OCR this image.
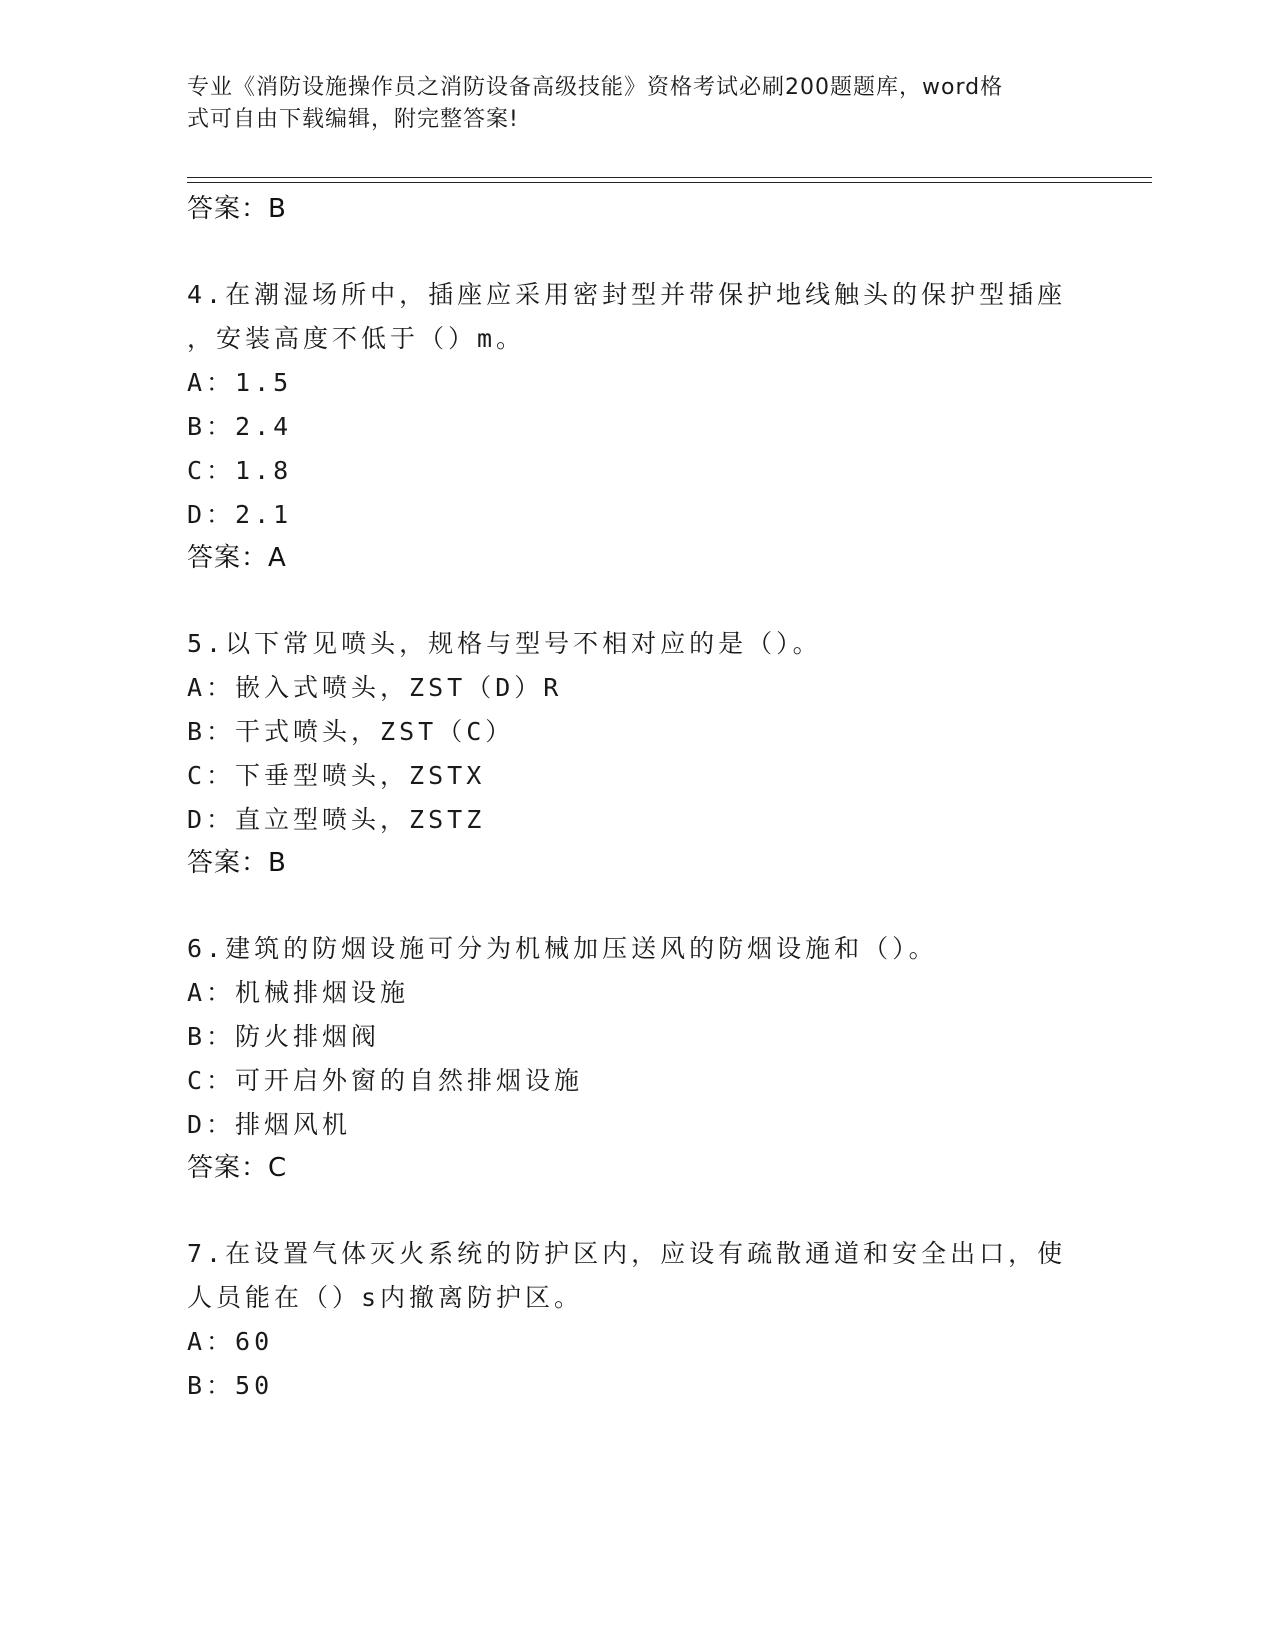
专业《消防设施操作员之消防设备高级技能》资格考试必刷200题题库，word格
式可自由下载编辑，附完整答案!
答案：B
4.在潮湿场所中，插座应采用密封型并带保护地线触头的保护型插座
，安装高度不低于（）m。
A：1.5
B：2.4
C：1.8
D：2.1
答案：A
5.以下常见喷头，规格与型号不相对应的是（）。
A：嵌入式喷头，ZST（D）R
B：干式喷头，ZST（C）
C：下垂型喷头，ZSTX
D：直立型喷头，ZSTZ
答案：B
6.建筑的防烟设施可分为机械加压送风的防烟设施和（）。
A：机械排烟设施
B：防火排烟阀
C：可开启外窗的自然排烟设施
D：排烟风机
答案：C
7.在设置气体灭火系统的防护区内，应设有疏散通道和安全出口，使
人员能在（）s内撤离防护区。
A：60
B：50
